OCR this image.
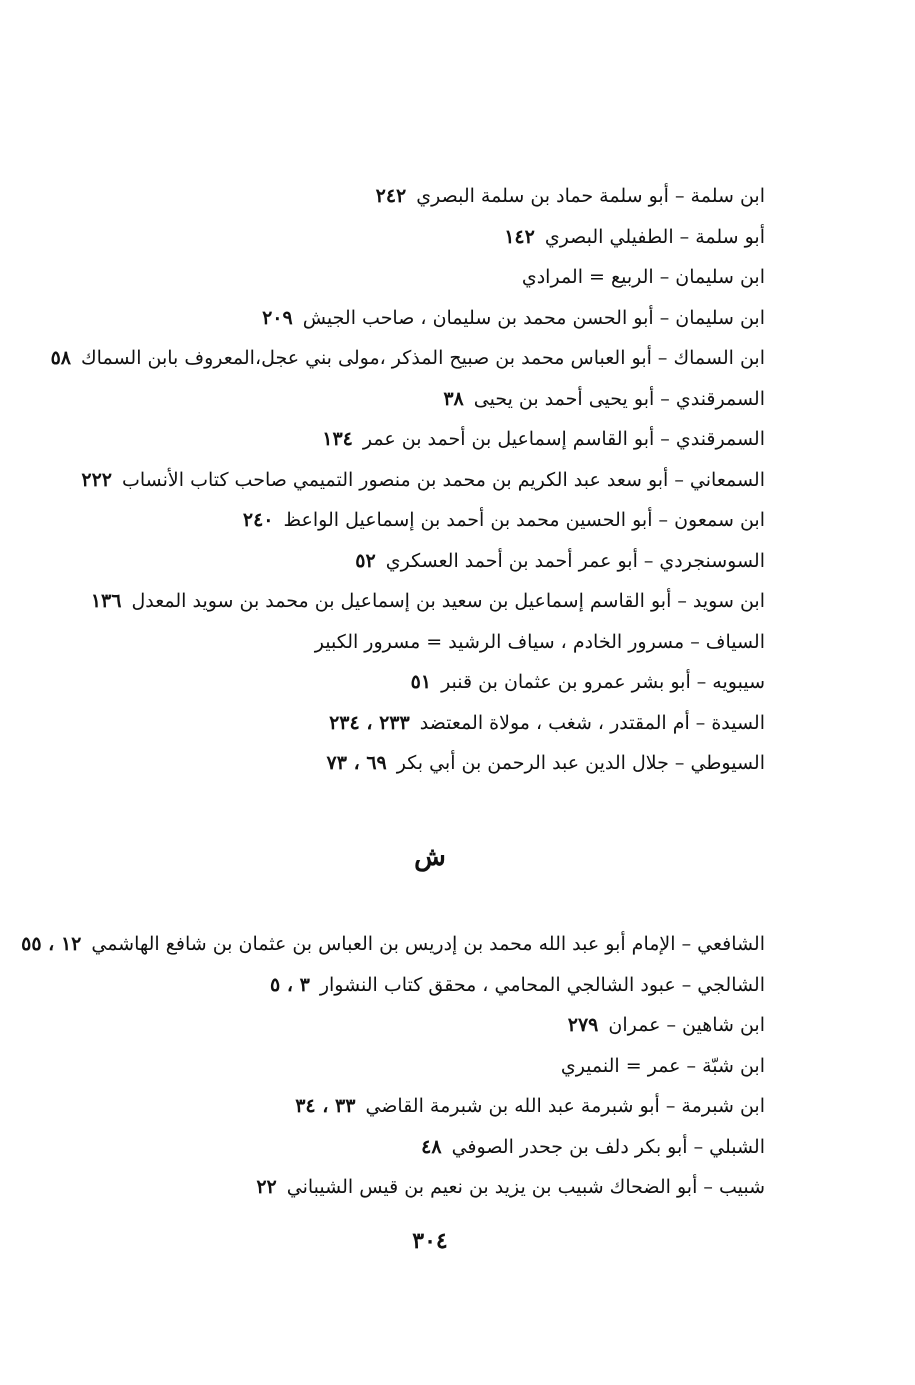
ابن سلمة – أبو سلمة حماد بن سلمة البصري٢٤٢
أبو سلمة – الطفيلي البصري١٤٢
ابن سليمان – الربيع = المرادي
ابن سليمان – أبو الحسن محمد بن سليمان ، صاحب الجيش٢٠٩
ابن السماك – أبو العباس محمد بن صبيح المذكر ،مولى بني عجل،المعروف بابن السماك٥٨
السمرقندي – أبو يحيى أحمد بن يحيى٣٨
السمرقندي – أبو القاسم إسماعيل بن أحمد بن عمر١٣٤
السمعاني – أبو سعد عبد الكريم بن محمد بن منصور التميمي صاحب كتاب الأنساب٢٢٢
ابن سمعون – أبو الحسين محمد بن أحمد بن إسماعيل الواعظ٢٤٠
السوسنجردي – أبو عمر أحمد بن أحمد العسكري٥٢
ابن سويد – أبو القاسم إسماعيل بن سعيد بن إسماعيل بن محمد بن سويد المعدل١٣٦
السياف – مسرور الخادم ، سياف الرشيد = مسرور الكبير
سيبويه – أبو بشر عمرو بن عثمان بن قنبر٥١
السيدة – أم المقتدر ، شغب ، مولاة المعتضد٢٣٣ ، ٢٣٤
السيوطي – جلال الدين عبد الرحمن بن أبي بكر٦٩ ، ٧٣
ش
الشافعي – الإمام أبو عبد الله محمد بن إدريس بن العباس بن عثمان بن شافع الهاشمي١٢ ، ٥٥
الشالجي – عبود الشالجي المحامي ، محقق كتاب النشوار٣ ، ٥
ابن شاهين – عمران٢٧٩
ابن شبّة – عمر = النميري
ابن شبرمة – أبو شبرمة عبد الله بن شبرمة القاضي٣٣ ، ٣٤
الشبلي – أبو بكر دلف بن جحدر الصوفي٤٨
شبيب – أبو الضحاك شبيب بن يزيد بن نعيم بن قيس الشيباني٢٢
٣٠٤
